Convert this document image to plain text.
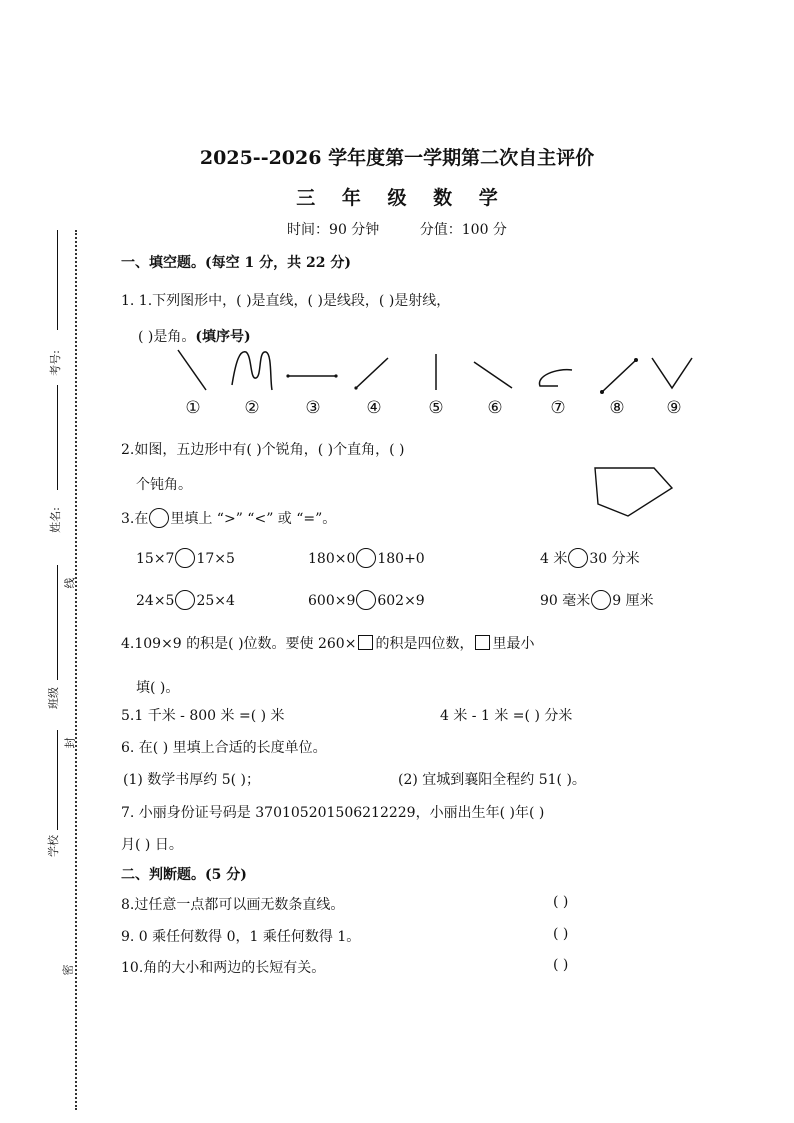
2025--2026 学年度第一学期第二次自主评价
三 年 级 数 学
时间：90 分钟	分值：100 分
考号:
姓名:
线
班级
封
学校
密
一、填空题。(每空 1 分，共 22 分)
1. 1.下列图形中，( )是直线，( )是线段，( )是射线，
( )是角。(填序号)
①	②	③	④	⑤	⑥	⑦	⑧ ⑨
2.如图，五边形中有( )个锐角，( )个直角，( )
个钝角。
3.在 里填上 “>” “<” 或 “=”。
15×7 17×5	180×0 180+0	4 米 30 分米
24×5 25×4	600×9 602×9	90 毫米 9 厘米
4.109×9 的积是( )位数。要使 260× 的积是四位数， 里最小
填( )。
5.1 千米 - 800 米 =( ) 米	4 米 - 1 米 =( ) 分米
6. 在( ) 里填上合适的长度单位。
(1) 数学书厚约 5( )；	(2) 宜城到襄阳全程约 51( )。
7. 小丽身份证号码是 370105201506212229，小丽出生年( )年( )
月( ) 日。
二、判断题。(5 分)
8.过任意一点都可以画无数条直线。	( )
9. 0 乘任何数得 0，1 乘任何数得 1。	( )
10.角的大小和两边的长短有关。	( )
